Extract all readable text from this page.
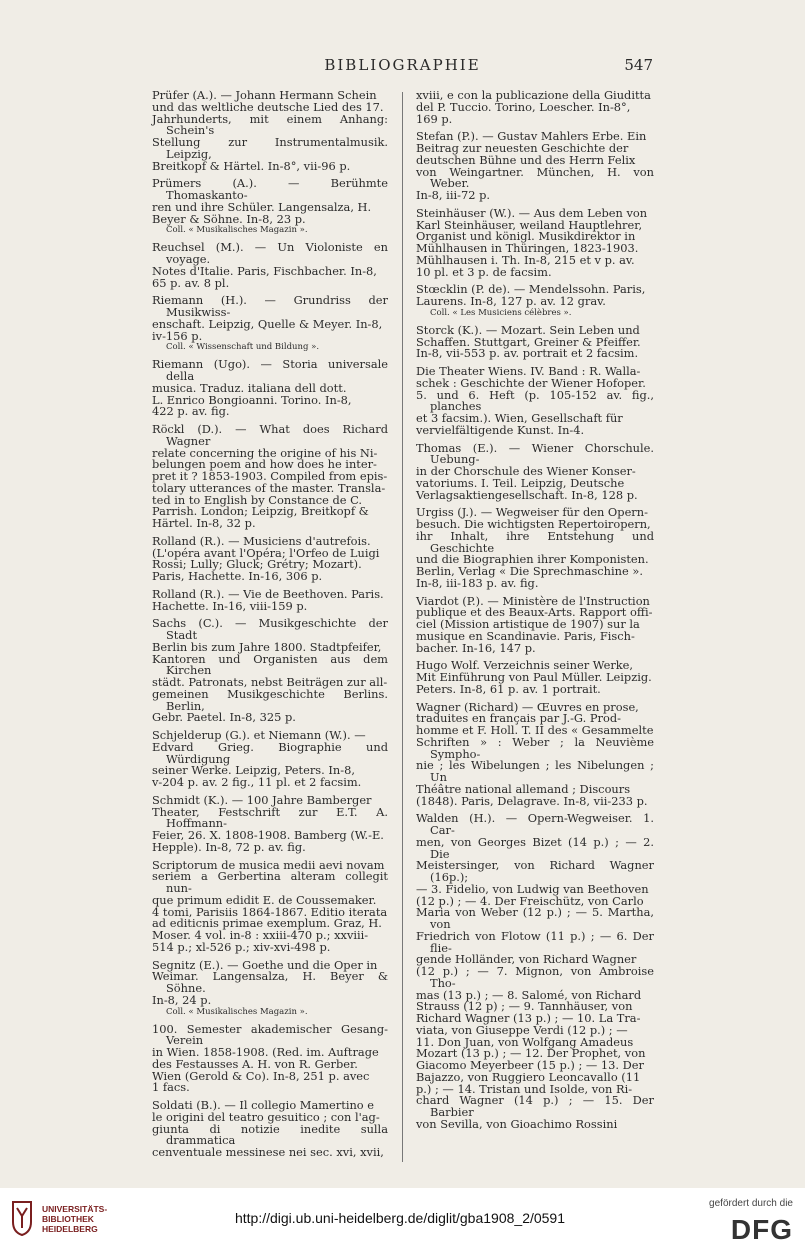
BIBLIOGRAPHIE	547
Prüfer (A.). — Johann Hermann Schein
und das weltliche deutsche Lied des 17.
Jahrhunderts, mit einem Anhang: Schein's
Stellung zur Instrumentalmusik. Leipzig,
Breitkopf & Härtel. In-8°, vii-96 p.
Prümers (A.). — Berühmte Thomaskanto-
ren und ihre Schüler. Langensalza, H.
Beyer & Söhne. In-8, 23 p.
Coll. « Musikalisches Magazin ».
Reuchsel (M.). — Un Violoniste en voyage.
Notes d'Italie. Paris, Fischbacher. In-8,
65 p. av. 8 pl.
Riemann (H.). — Grundriss der Musikwiss-
enschaft. Leipzig, Quelle & Meyer. In-8,
iv-156 p.
Coll. « Wissenschaft und Bildung ».
Riemann (Ugo). — Storia universale della
musica. Traduz. italiana dell dott.
L. Enrico Bongioanni. Torino. In-8,
422 p. av. fig.
Röckl (D.). — What does Richard Wagner
relate concerning the origine of his Ni-
belungen poem and how does he inter-
pret it ? 1853-1903. Compiled from epis-
tolary utterances of the master. Transla-
ted in to English by Constance de C.
Parrish. London; Leipzig, Breitkopf &
Härtel. In-8, 32 p.
Rolland (R.). — Musiciens d'autrefois.
(L'opéra avant l'Opéra; l'Orfeo de Luigi
Rossi; Lully; Gluck; Grétry; Mozart).
Paris, Hachette. In-16, 306 p.
Rolland (R.). — Vie de Beethoven. Paris.
Hachette. In-16, viii-159 p.
Sachs (C.). — Musikgeschichte der Stadt
Berlin bis zum Jahre 1800. Stadtpfeifer,
Kantoren und Organisten aus dem Kirchen
städt. Patronats, nebst Beiträgen zur all-
gemeinen Musikgeschichte Berlins. Berlin,
Gebr. Paetel. In-8, 325 p.
Schjelderup (G.). et Niemann (W.). —
Edvard Grieg. Biographie und Würdigung
seiner Werke. Leipzig, Peters. In-8,
v-204 p. av. 2 fig., 11 pl. et 2 facsim.
Schmidt (K.). — 100 Jahre Bamberger
Theater, Festschrift zur E.T. A. Hoffmann-
Feier, 26. X. 1808-1908. Bamberg (W.-E.
Hepple). In-8, 72 p. av. fig.
Scriptorum de musica medii aevi novam
seriem a Gerbertina alteram collegit nun-
que primum edidit E. de Coussemaker.
4 tomi, Parisiis 1864-1867. Editio iterata
ad editicnis primae exemplum. Graz, H.
Moser. 4 vol. in-8 : xxiii-470 p.; xxviii-
514 p.; xl-526 p.; xiv-xvi-498 p.
Segnitz (E.). — Goethe und die Oper in
Weimar. Langensalza, H. Beyer & Söhne.
In-8, 24 p.
Coll. « Musikalisches Magazin ».
100. Semester akademischer Gesang-Verein
in Wien. 1858-1908. (Red. im. Auftrage
des Festausses A. H. von R. Gerber.
Wien (Gerold & Co). In-8, 251 p. avec
1 facs.
Soldati (B.). — Il collegio Mamertino e
le origini del teatro gesuitico ; con l'ag-
giunta di notizie inedite sulla drammatica
cenventuale messinese nei sec. xvi, xvii,
xviii, e con la publicazione della Giuditta
del P. Tuccio. Torino, Loescher. In-8°,
169 p.
Stefan (P.). — Gustav Mahlers Erbe. Ein
Beitrag zur neuesten Geschichte der
deutschen Bühne und des Herrn Felix
von Weingartner. München, H. von Weber.
In-8, iii-72 p.
Steinhäuser (W.). — Aus dem Leben von
Karl Steinhäuser, weiland Hauptlehrer,
Organist und königl. Musikdirektor in
Mühlhausen in Thüringen, 1823-1903.
Mühlhausen i. Th. In-8, 215 et v p. av.
10 pl. et 3 p. de facsim.
Stœcklin (P. de). — Mendelssohn. Paris,
Laurens. In-8, 127 p. av. 12 grav.
Coll. « Les Musiciens célèbres ».
Storck (K.). — Mozart. Sein Leben und
Schaffen. Stuttgart, Greiner & Pfeiffer.
In-8, vii-553 p. av. portrait et 2 facsim.
Die Theater Wiens. IV. Band : R. Walla-
schek : Geschichte der Wiener Hofoper.
5. und 6. Heft (p. 105-152 av. fig., planches
et 3 facsim.). Wien, Gesellschaft für
vervielfältigende Kunst. In-4.
Thomas (E.). — Wiener Chorschule. Uebung-
in der Chorschule des Wiener Konser-
vatoriums. I. Teil. Leipzig, Deutsche
Verlagsaktiengesellschaft. In-8, 128 p.
Urgiss (J.). — Wegweiser für den Opern-
besuch. Die wichtigsten Repertoiropern,
ihr Inhalt, ihre Entstehung und Geschichte
und die Biographien ihrer Komponisten.
Berlin, Verlag « Die Sprechmaschine ».
In-8, iii-183 p. av. fig.
Viardot (P.). — Ministère de l'Instruction
publique et des Beaux-Arts. Rapport offi-
ciel (Mission artistique de 1907) sur la
musique en Scandinavie. Paris, Fisch-
bacher. In-16, 147 p.
Hugo Wolf. Verzeichnis seiner Werke,
Mit Einführung von Paul Müller. Leipzig.
Peters. In-8, 61 p. av. 1 portrait.
Wagner (Richard) — Œuvres en prose,
traduites en français par J.-G. Prod-
homme et F. Holl. T. II des « Gesammelte
Schriften » : Weber ; la Neuvième Sympho-
nie ; les Wibelungen ; les Nibelungen ; Un
Théâtre national allemand ; Discours
(1848). Paris, Delagrave. In-8, vii-233 p.
Walden (H.). — Opern-Wegweiser. 1. Car-
men, von Georges Bizet (14 p.) ; — 2. Die
Meistersinger, von Richard Wagner (16p.);
— 3. Fidelio, von Ludwig van Beethoven
(12 p.) ; — 4. Der Freischütz, von Carlo
Maria von Weber (12 p.) ; — 5. Martha, von
Friedrich von Flotow (11 p.) ; — 6. Der flie-
gende Holländer, von Richard Wagner
(12 p.) ; — 7. Mignon, von Ambroise Tho-
mas (13 p.) ; — 8. Salomé, von Richard
Strauss (12 p) ; — 9. Tannhäuser, von
Richard Wagner (13 p.) ; — 10. La Tra-
viata, von Giuseppe Verdi (12 p.) ; —
11. Don Juan, von Wolfgang Amadeus
Mozart (13 p.) ; — 12. Der Prophet, von
Giacomo Meyerbeer (15 p.) ; — 13. Der
Bajazzo, von Ruggiero Leoncavallo (11
p.) ; — 14. Tristan und Isolde, von Ri-
chard Wagner (14 p.) ; — 15. Der Barbier
von Sevilla, von Gioachimo Rossini
UNIVERSITÄTS-
BIBLIOTHEK
HEIDELBERG
http://digi.ub.uni-heidelberg.de/diglit/gba1908_2/0591
gefördert durch die
DFG
